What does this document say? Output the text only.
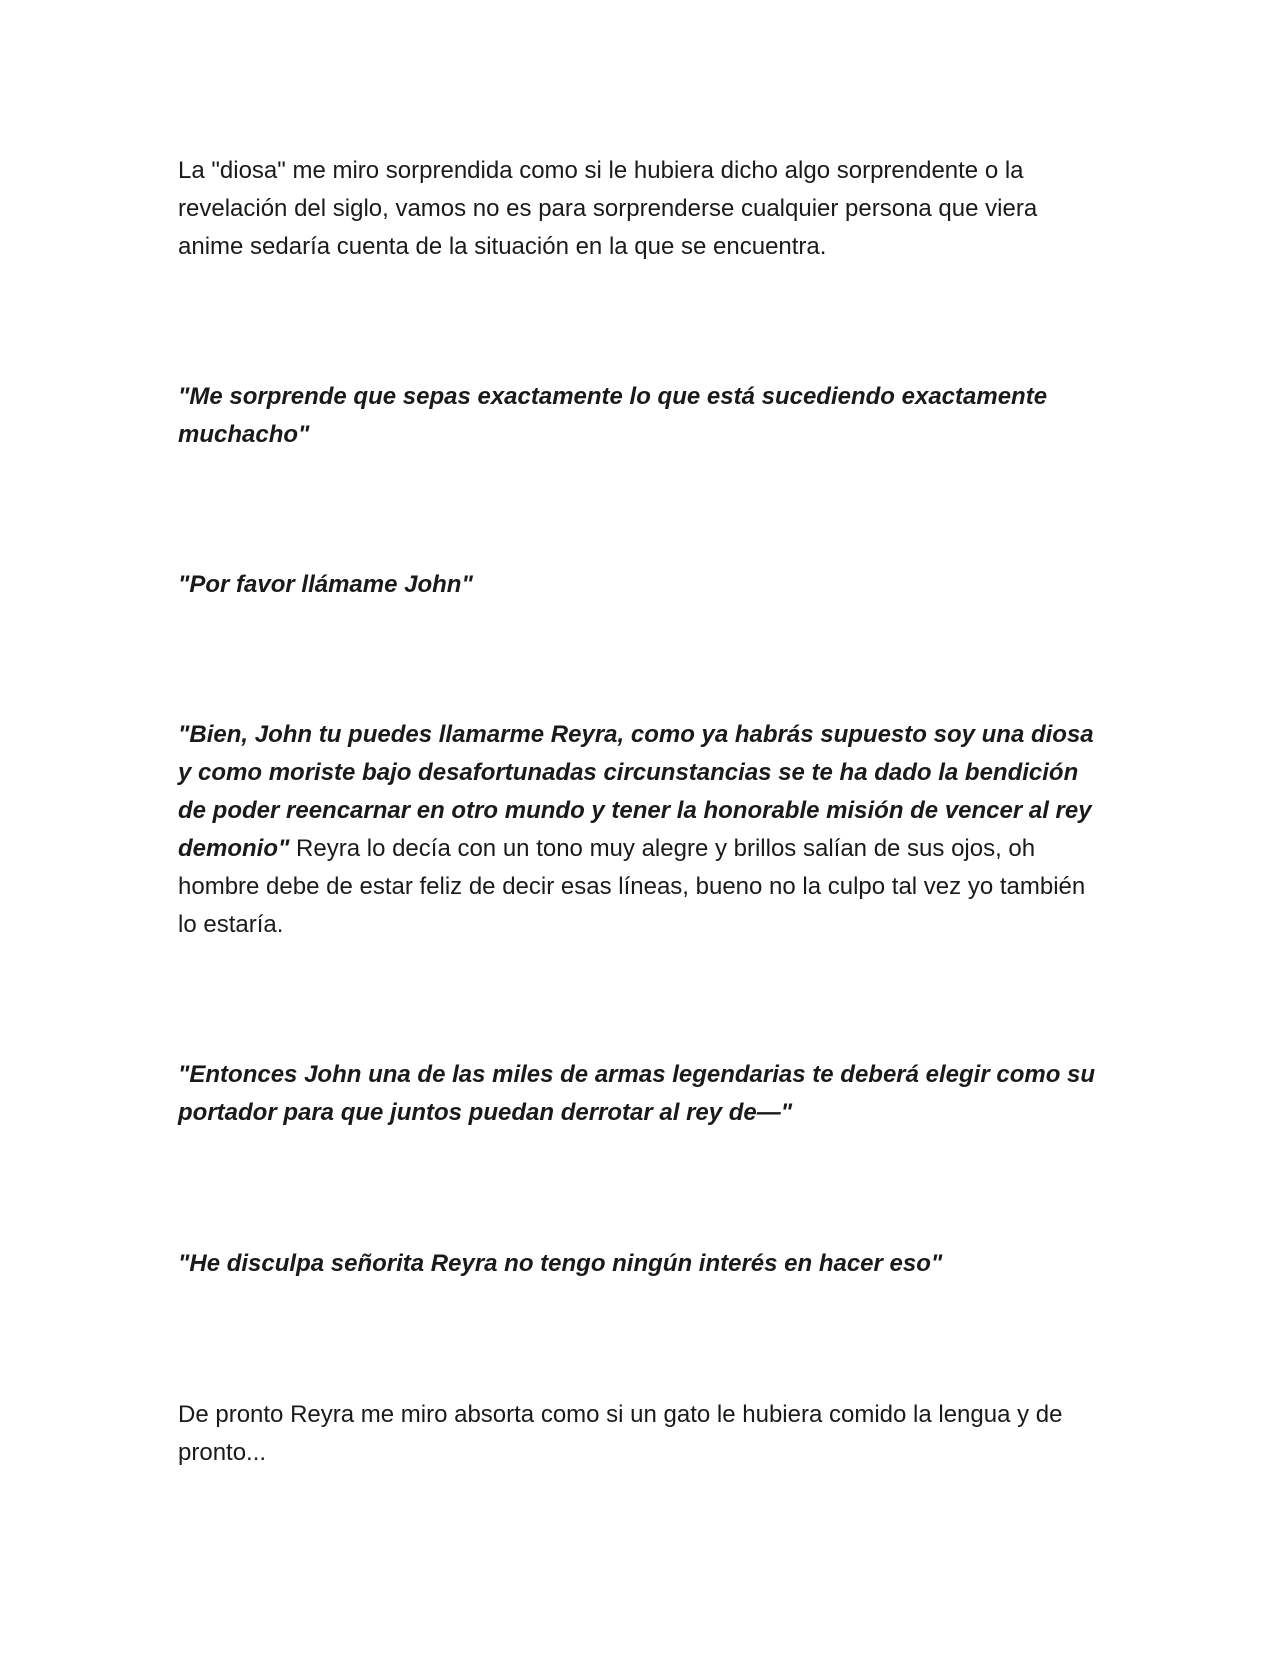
La "diosa" me miro sorprendida como si le hubiera dicho algo sorprendente o la revelación del siglo, vamos no es para sorprenderse cualquier persona que viera anime sedaría cuenta de la situación en la que se encuentra.

"Me sorprende que sepas exactamente lo que está sucediendo exactamente muchacho"

"Por favor llámame John"

"Bien, John tu puedes llamarme Reyra, como ya habrás supuesto soy una diosa y como moriste bajo desafortunadas circunstancias se te ha dado la bendición de poder reencarnar en otro mundo y tener la honorable misión de vencer al rey demonio" Reyra lo decía con un tono muy alegre y brillos salían de sus ojos, oh hombre debe de estar feliz de decir esas líneas, bueno no la culpo tal vez yo también lo estaría.

"Entonces John una de las miles de armas legendarias te deberá elegir como su portador para que juntos puedan derrotar al rey de—"

"He disculpa señorita Reyra no tengo ningún interés en hacer eso"

De pronto Reyra me miro absorta como si un gato le hubiera comido la lengua y de pronto...
